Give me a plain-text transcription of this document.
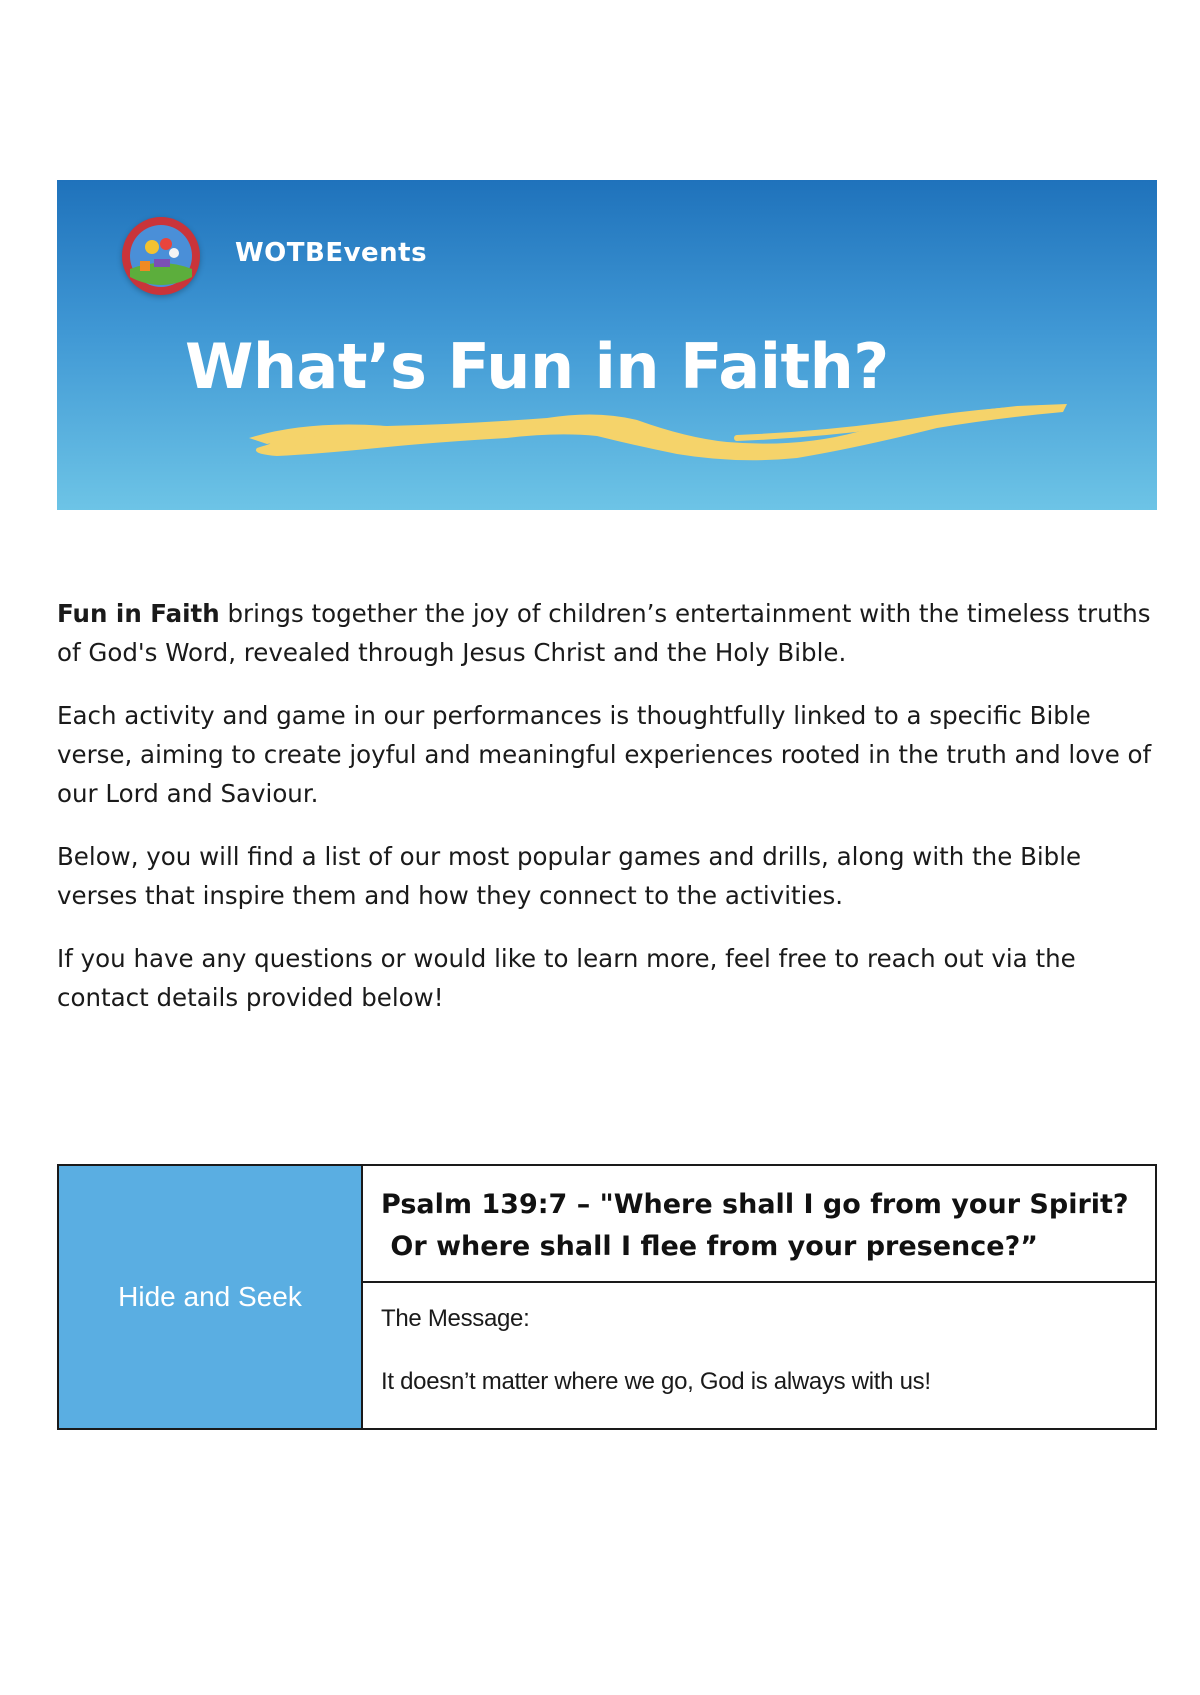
WOTBEvents
What’s Fun in Faith?

Fun in Faith brings together the joy of children’s entertainment with the timeless truths of God's Word, revealed through Jesus Christ and the Holy Bible.

Each activity and game in our performances is thoughtfully linked to a specific Bible verse, aiming to create joyful and meaningful experiences rooted in the truth and love of our Lord and Saviour.

Below, you will find a list of our most popular games and drills, along with the Bible verses that inspire them and how they connect to the activities.

If you have any questions or would like to learn more, feel free to reach out via the contact details provided below!

Hide and Seek
Psalm 139:7 – "Where shall I go from your Spirit?
Or where shall I flee from your presence?”
The Message:
It doesn’t matter where we go, God is always with us!
